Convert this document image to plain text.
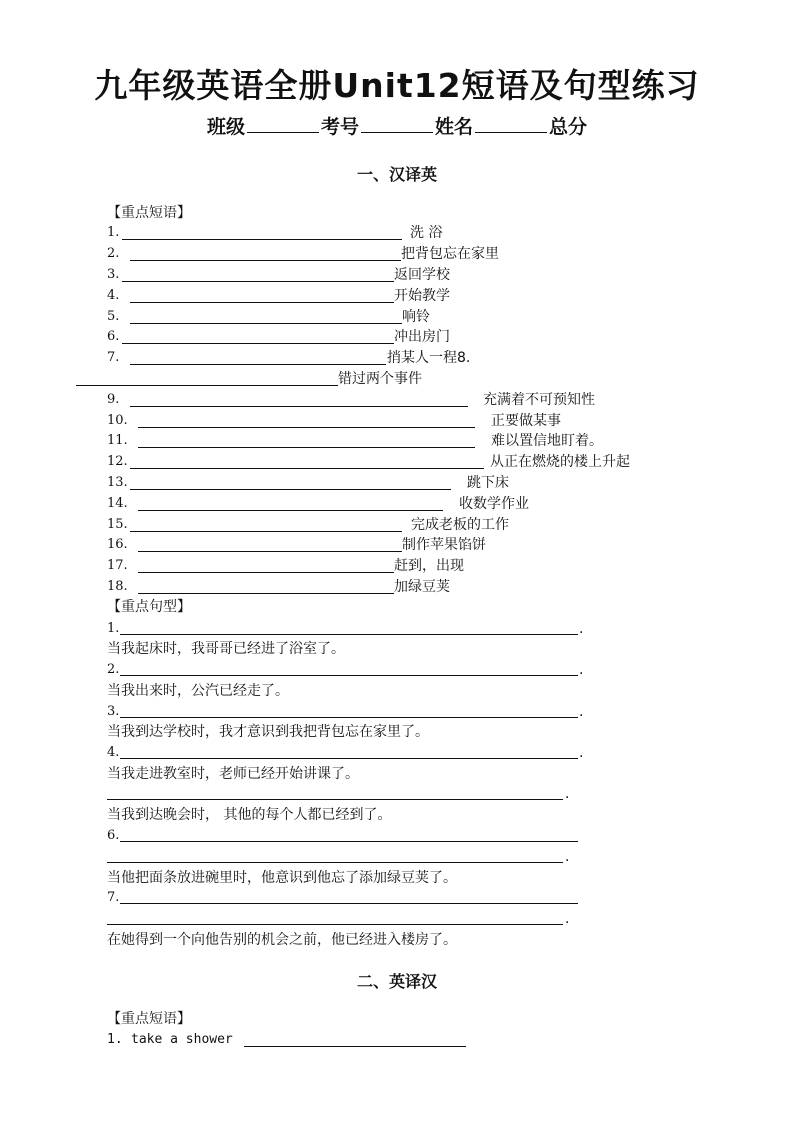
九年级英语全册Unit12短语及句型练习
班级	考号	姓名	总分
一、汉译英
【重点短语】
1.	洗 浴
2.	把背包忘在家里
3.	返回学校
4.	开始教学
5.	响铃
6.	冲出房门
7.	捎某人一程8.
错过两个事件
9.	充满着不可预知性
10.	正要做某事
11.	难以置信地盯着。
12.	从正在燃烧的楼上升起
13.	跳下床
14.	收数学作业
15.	完成老板的工作
16.	制作苹果馅饼
17.	赶到，出现
18.	加绿豆荚
【重点句型】
1.	.
当我起床时，我哥哥已经进了浴室了。
2.	.
当我出来时，公汽已经走了。
3.	.
当我到达学校时，我才意识到我把背包忘在家里了。
4.	.
当我走进教室时，老师已经开始讲课了。
.
当我到达晚会时， 其他的每个人都已经到了。
6.
.
当他把面条放进碗里时，他意识到他忘了添加绿豆荚了。
7.
.
在她得到一个向他告别的机会之前，他已经进入楼房了。
二、英译汉
【重点短语】
1. take a shower
